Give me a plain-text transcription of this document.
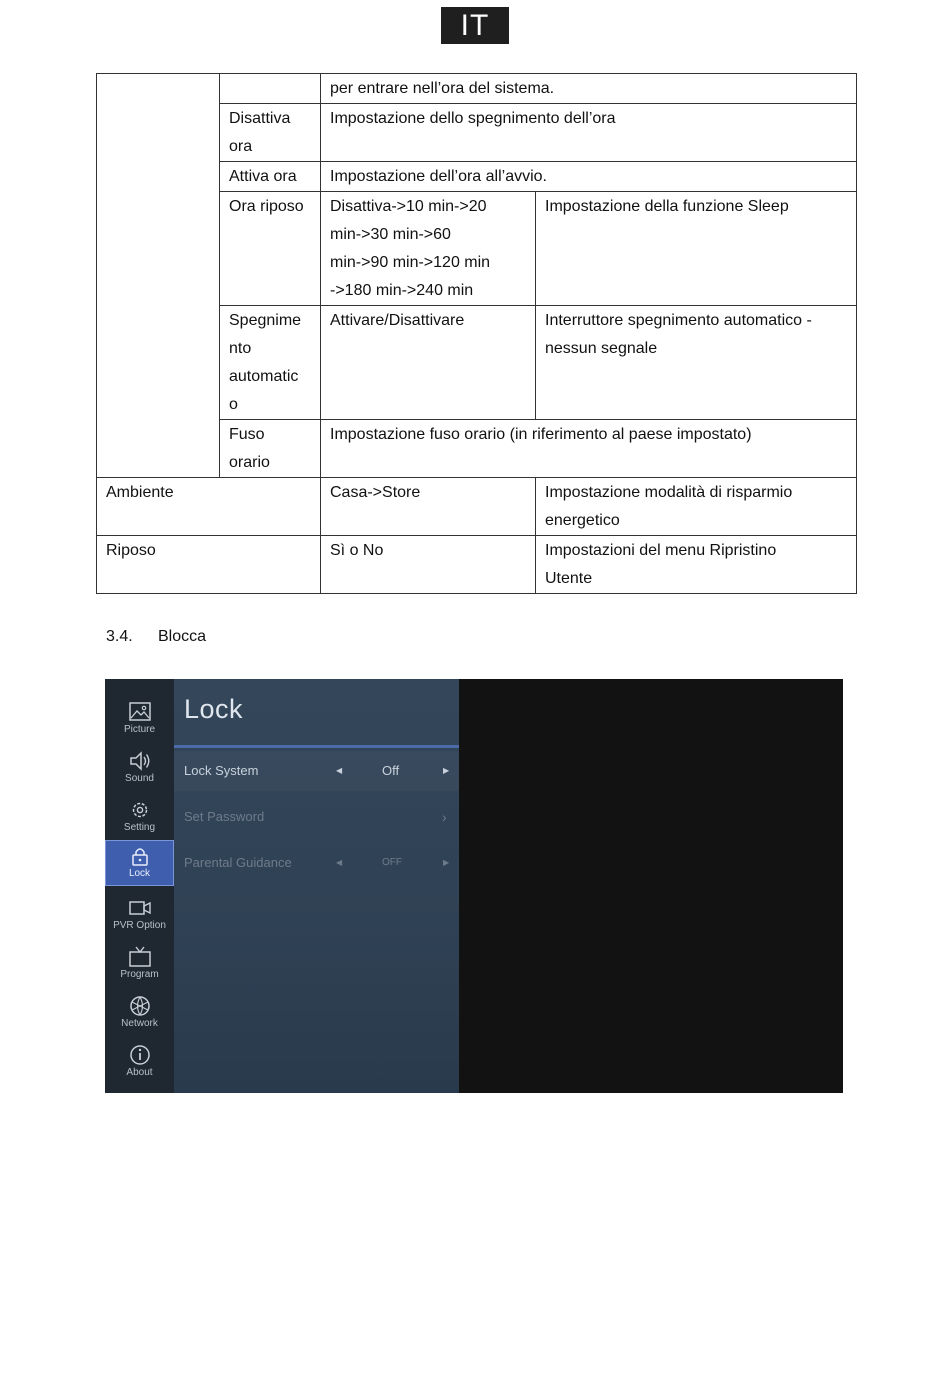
IT
		per entrare nell’ora del sistema.	

	Disattiva
ora	Impostazione dello spegnimento dell’ora	
	Attiva ora	Impostazione dell’ora all’avvio.	
	Ora riposo	Disattiva->10 min->20
min->30 min->60
min->90 min->120 min
->180 min->240 min	Impostazione della funzione Sleep

	Spegnime
nto
automatic
o	Attivare/Disattivare	Interruttore spegnimento automatico -
nessun segnale

	Fuso
orario	Impostazione fuso orario (in riferimento al paese impostato)	
Ambiente		Casa->Store	Impostazione modalità di risparmio
energetico

Riposo		Sì o No	Impostazioni del menu Ripristino
Utente
3.4. Blocca
Picture
Sound
Setting
Lock
PVR Option
Program
Network
About
Lock
Lock System	◀	Off	▶
Set Password	›
Parental Guidance	◀	OFF	▶
